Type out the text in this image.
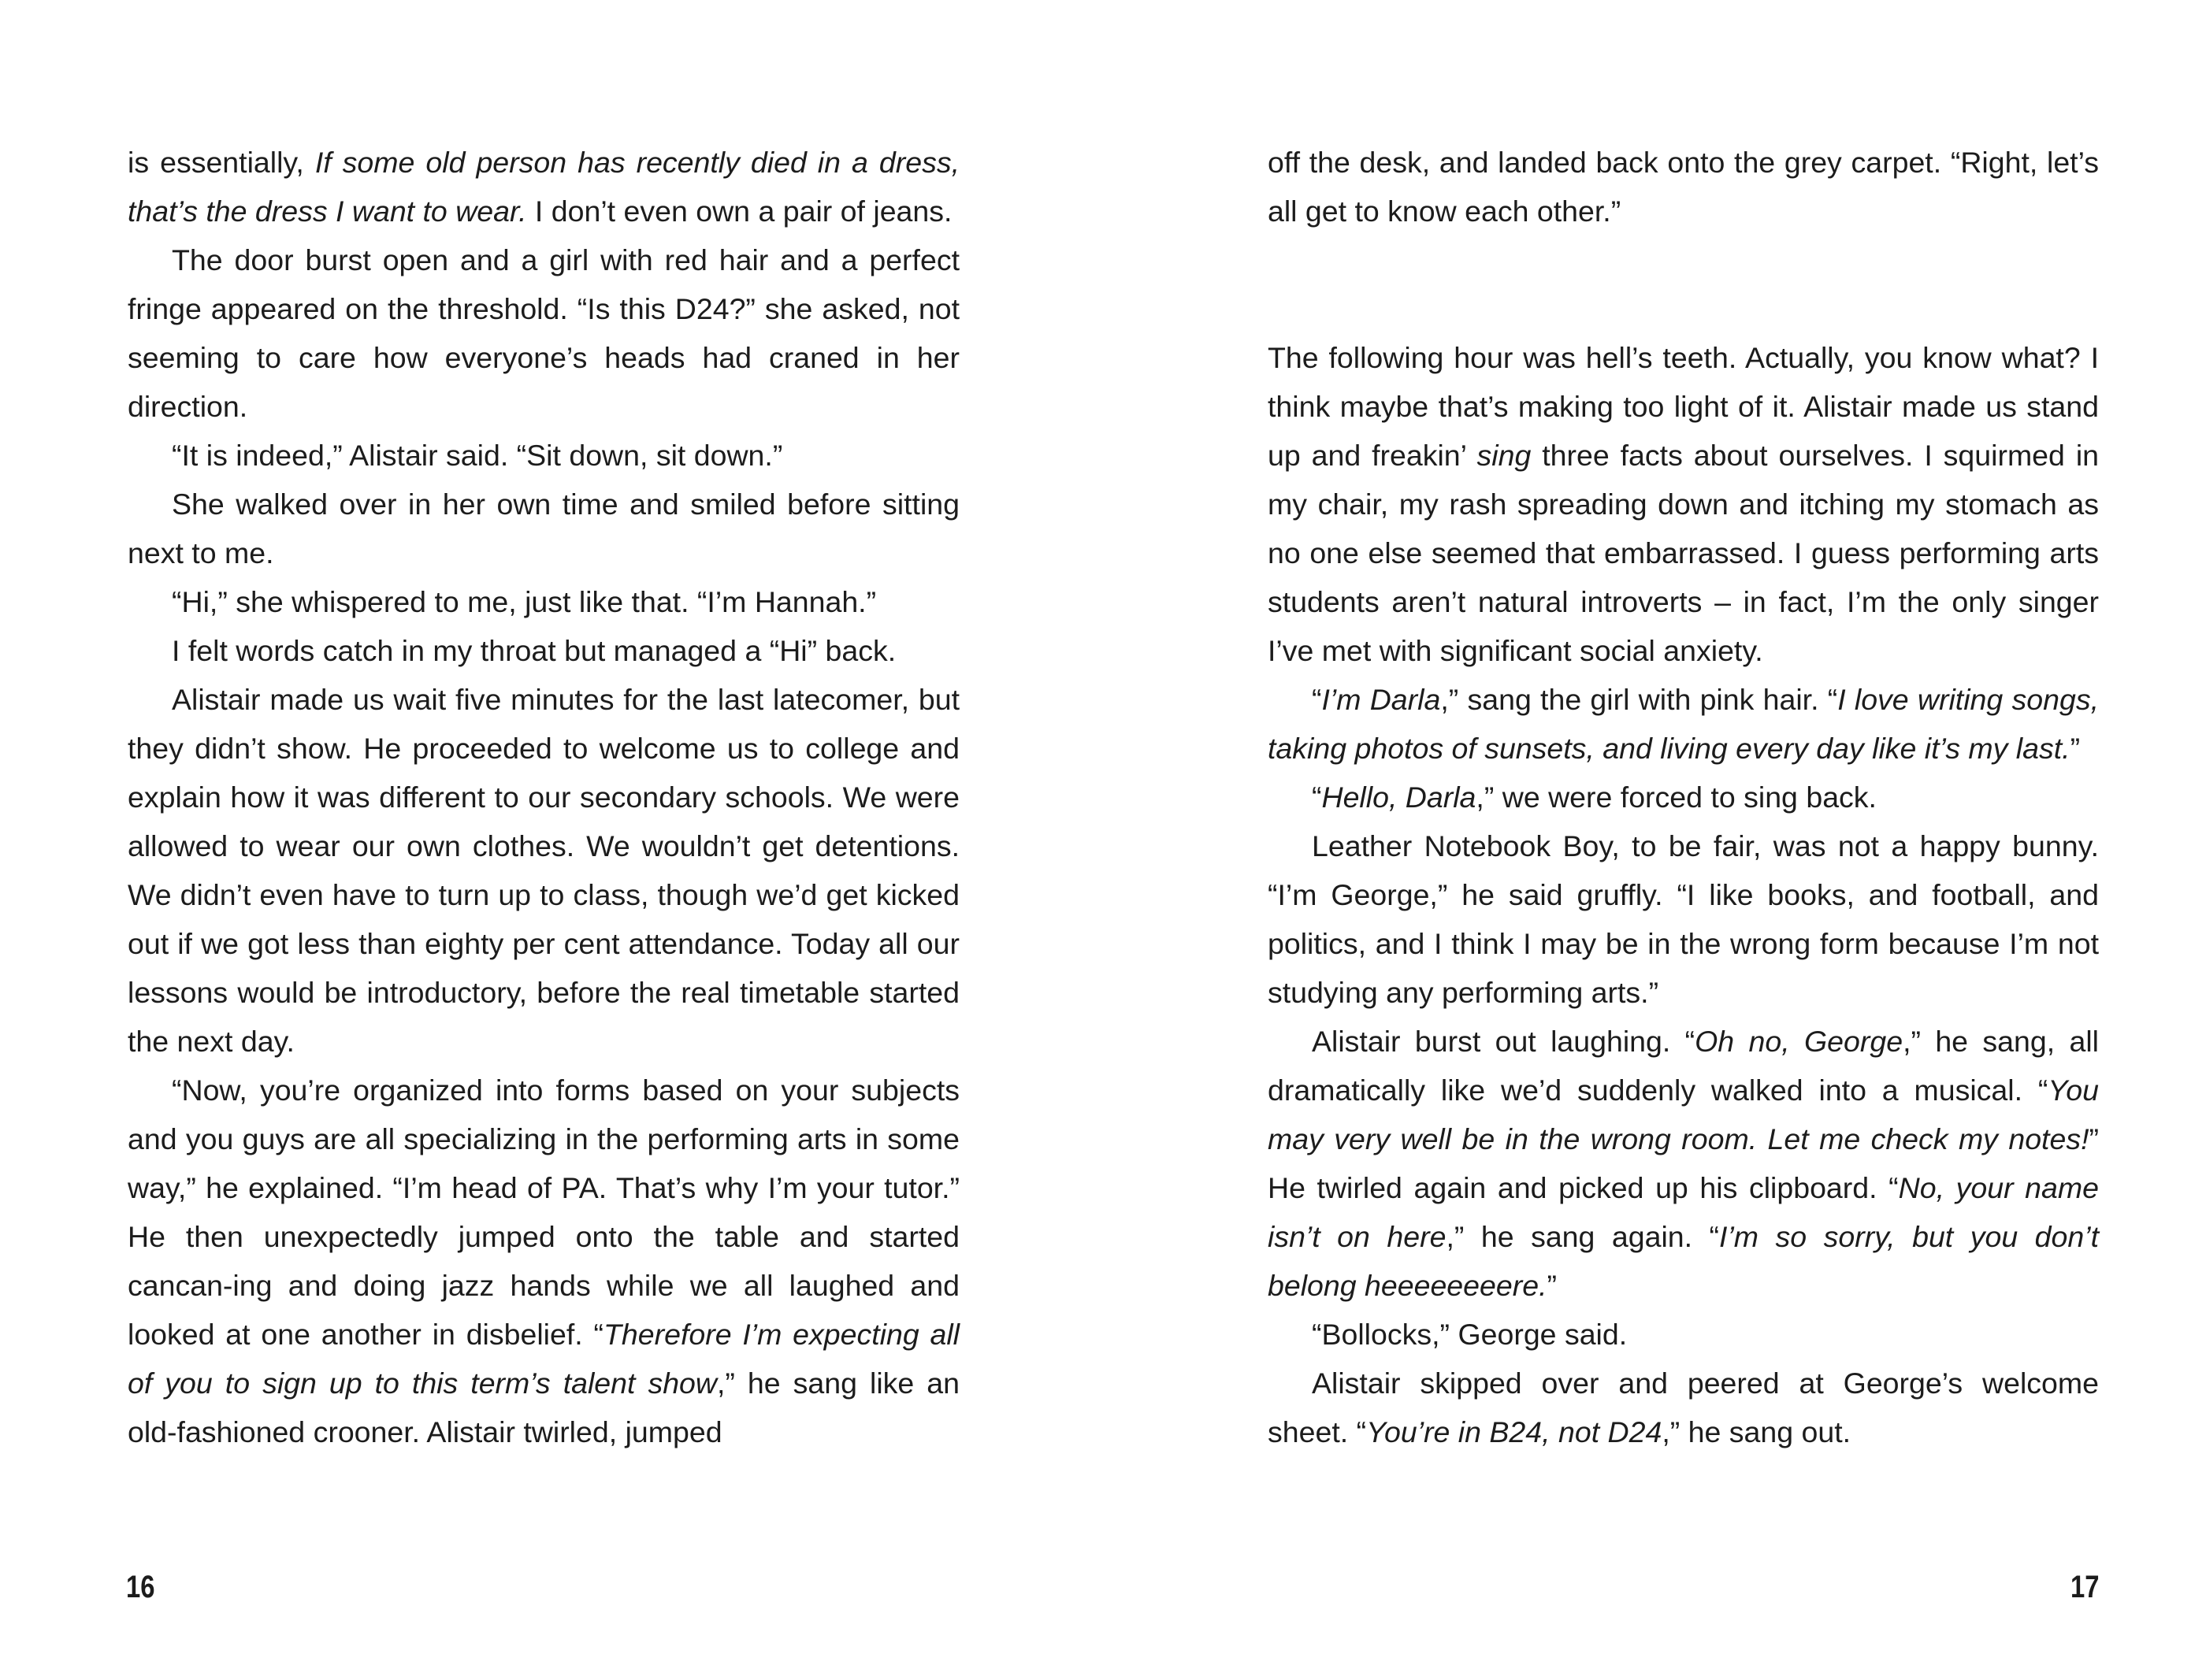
is essentially, If some old person has recently died in a dress, that’s the dress I want to wear. I don’t even own a pair of jeans.

The door burst open and a girl with red hair and a perfect fringe appeared on the threshold. “Is this D24?” she asked, not seeming to care how everyone’s heads had craned in her direction.

“It is indeed,” Alistair said. “Sit down, sit down.”

She walked over in her own time and smiled before sitting next to me.

“Hi,” she whispered to me, just like that. “I’m Hannah.”

I felt words catch in my throat but managed a “Hi” back.

Alistair made us wait five minutes for the last latecomer, but they didn’t show. He proceeded to welcome us to college and explain how it was different to our secondary schools. We were allowed to wear our own clothes. We wouldn’t get detentions. We didn’t even have to turn up to class, though we’d get kicked out if we got less than eighty per cent attendance. Today all our lessons would be introductory, before the real timetable started the next day.

“Now, you’re organized into forms based on your subjects and you guys are all specializing in the performing arts in some way,” he explained. “I’m head of PA. That’s why I’m your tutor.” He then unexpectedly jumped onto the table and started cancan-ing and doing jazz hands while we all laughed and looked at one another in disbelief. “Therefore I’m expecting all of you to sign up to this term’s talent show,” he sang like an old-fashioned crooner. Alistair twirled, jumped

off the desk, and landed back onto the grey carpet. “Right, let’s all get to know each other.”

The following hour was hell’s teeth. Actually, you know what? I think maybe that’s making too light of it. Alistair made us stand up and freakin’ sing three facts about ourselves. I squirmed in my chair, my rash spreading down and itching my stomach as no one else seemed that embarrassed. I guess performing arts students aren’t natural introverts – in fact, I’m the only singer I’ve met with significant social anxiety.

“I’m Darla,” sang the girl with pink hair. “I love writing songs, taking photos of sunsets, and living every day like it’s my last.”

“Hello, Darla,” we were forced to sing back.

Leather Notebook Boy, to be fair, was not a happy bunny. “I’m George,” he said gruffly. “I like books, and football, and politics, and I think I may be in the wrong form because I’m not studying any performing arts.”

Alistair burst out laughing. “Oh no, George,” he sang, all dramatically like we’d suddenly walked into a musical. “You may very well be in the wrong room. Let me check my notes!” He twirled again and picked up his clipboard. “No, your name isn’t on here,” he sang again. “I’m so sorry, but you don’t belong heeeeeeeere.”

“Bollocks,” George said.

Alistair skipped over and peered at George’s welcome sheet. “You’re in B24, not D24,” he sang out.

16	17
